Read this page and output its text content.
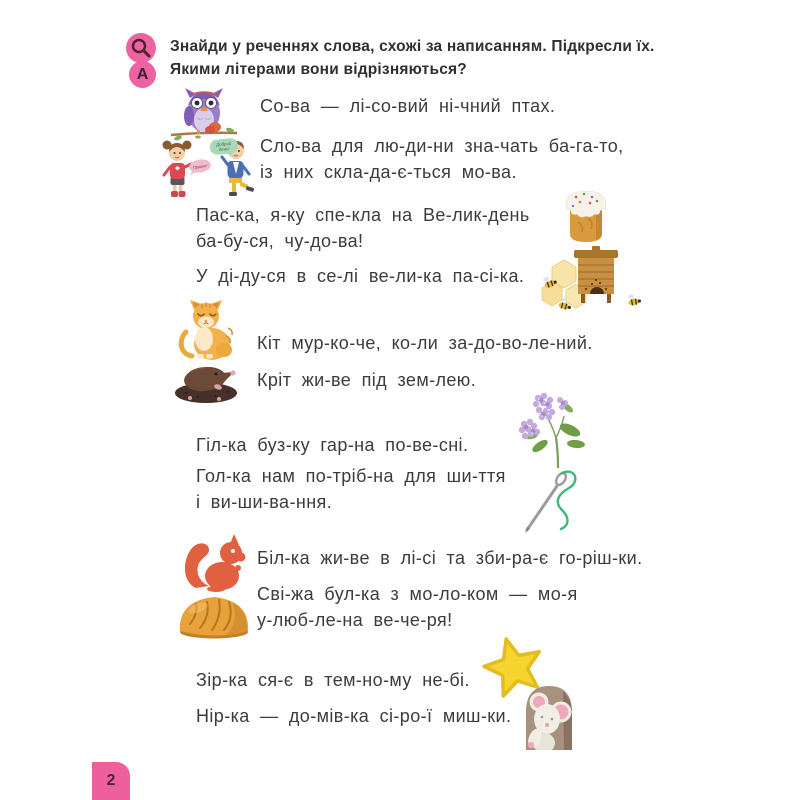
А
Знайди у реченнях слова, схожі за написанням. Підкресли їх.
Якими літерами вони відрізняються?
Со-ва — лі-со-вий ні-чний птах.
Сло-ва для лю-ди-ни зна-чать ба-га-то,
із них скла-да-є-ться мо-ва.
Пас-ка, я-ку спе-кла на Ве-лик-день
ба-бу-ся, чу-до-ва!
У ді-ду-ся в се-лі ве-ли-ка па-сі-ка.
Кіт мур-ко-че, ко-ли за-до-во-ле-ний.
Кріт жи-ве під зем-лею.
Гіл-ка буз-ку гар-на по-ве-сні.
Гол-ка нам по-тріб-на для ши-ття
і ви-ши-ва-ння.
Біл-ка жи-ве в лі-сі та зби-ра-є го-ріш-ки.
Сві-жа бул-ка з мо-ло-ком — мо-я
у-люб-ле-на ве-че-ря!
Зір-ка ся-є в тем-но-му не-бі.
Нір-ка — до-мів-ка сі-ро-ї миш-ки.
Привіт!
Добрий
день!
2
